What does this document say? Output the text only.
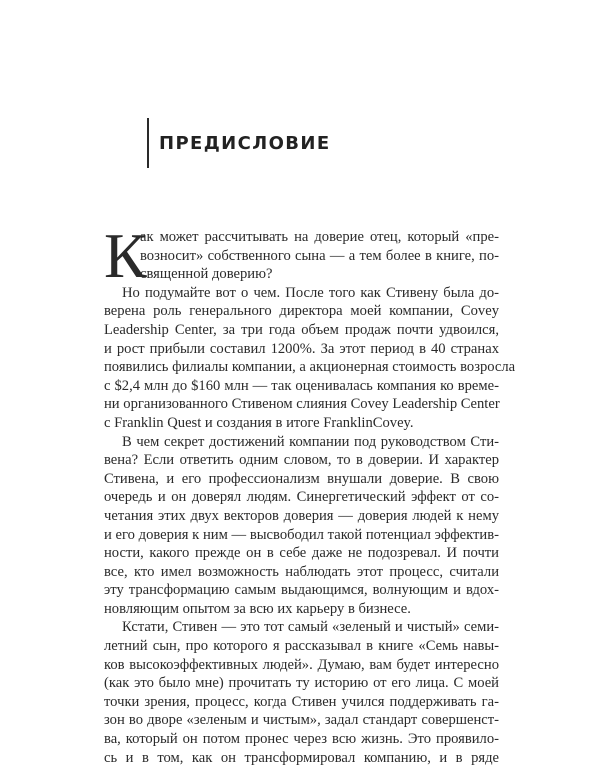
ПРЕДИСЛОВИЕ
К
ак может рассчитывать на доверие отец, который «пре-
возносит» собственного сына — а тем более в книге, по-
священной доверию?
Но подумайте вот о чем. После того как Стивену была до-
верена роль генерального директора моей компании, Covey
Leadership Center, за три года объем продаж почти удвоился,
и рост прибыли составил 1200%. За этот период в 40 странах
появились филиалы компании, а акционерная стоимость возросла
с $2,4 млн до $160 млн — так оценивалась компания ко време-
ни организованного Стивеном слияния Covey Leadership Center
с Franklin Quest и создания в итоге FranklinCovey.
В чем секрет достижений компании под руководством Сти-
вена? Если ответить одним словом, то в доверии. И характер
Стивена, и его профессионализм внушали доверие. В свою
очередь и он доверял людям. Синергетический эффект от со-
четания этих двух векторов доверия — доверия людей к нему
и его доверия к ним — высвободил такой потенциал эффектив-
ности, какого прежде он в себе даже не подозревал. И почти
все, кто имел возможность наблюдать этот процесс, считали
эту трансформацию самым выдающимся, волнующим и вдох-
новляющим опытом за всю их карьеру в бизнесе.
Кстати, Стивен — это тот самый «зеленый и чистый» семи-
летний сын, про которого я рассказывал в книге «Семь навы-
ков высокоэффективных людей». Думаю, вам будет интересно
(как это было мне) прочитать ту историю от его лица. С моей
точки зрения, процесс, когда Стивен учился поддерживать га-
зон во дворе «зеленым и чистым», задал стандарт совершенст-
ва, который он потом пронес через всю жизнь. Это проявило-
сь и в том, как он трансформировал компанию, и в ряде
